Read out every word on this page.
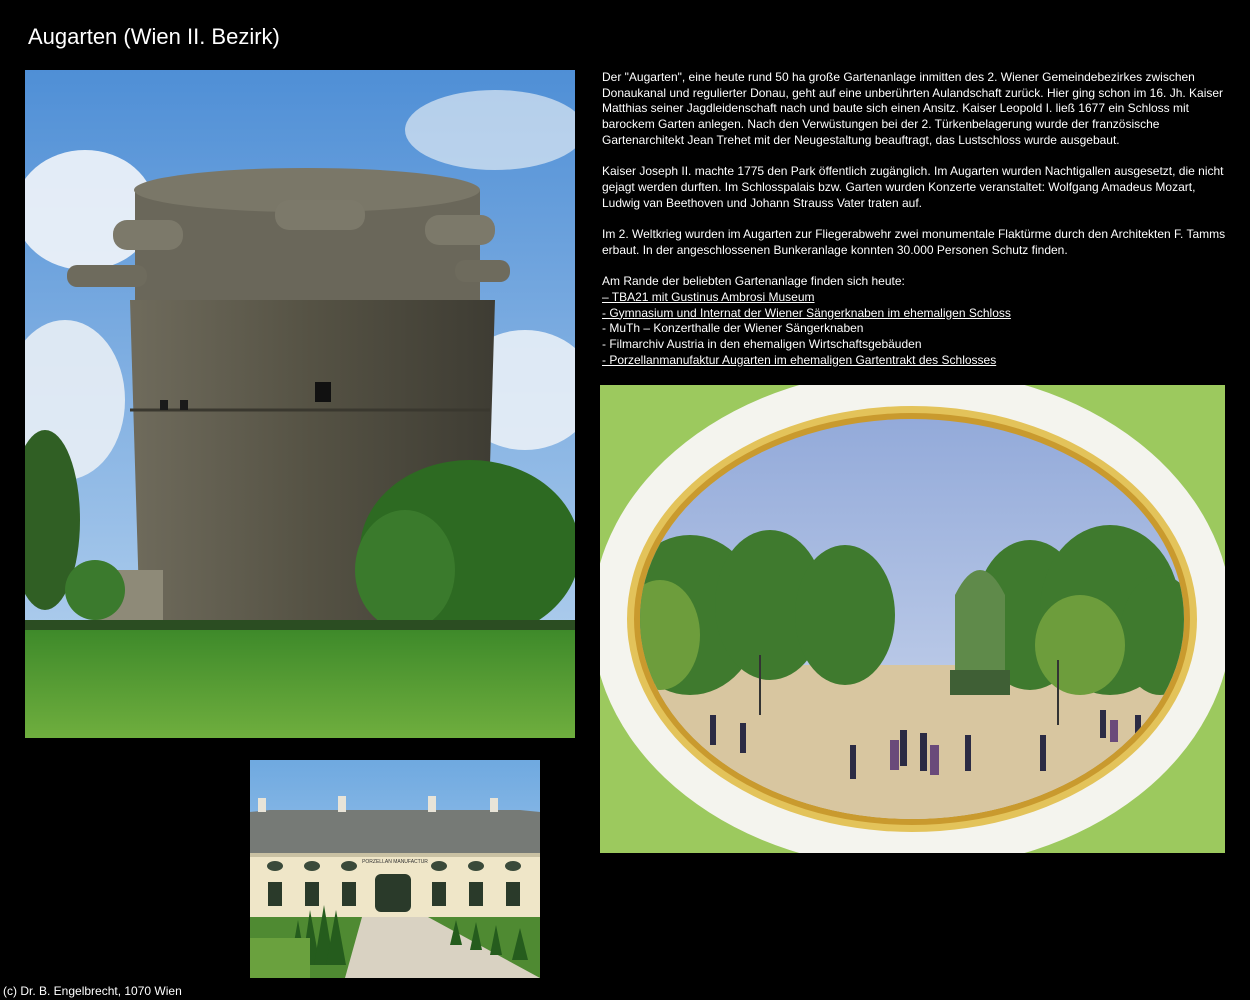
Augarten (Wien II. Bezirk)
PORZELLAN MANUFACTUR

Der "Augarten", eine heute rund 50 ha große Gartenanlage inmitten des 2. Wiener Gemeindebezirkes zwischen Donaukanal und regulierter Donau, geht auf eine unberührten Aulandschaft zurück. Hier ging schon im 16. Jh. Kaiser Matthias seiner Jagdleidenschaft nach und baute sich einen Ansitz. Kaiser Leopold I. ließ 1677 ein Schloss mit barockem Garten anlegen. Nach den Verwüstungen bei der 2. Türkenbelagerung wurde der französische Gartenarchitekt Jean Trehet mit der Neugestaltung beauftragt, das Lustschloss wurde ausgebaut.

Kaiser Joseph II. machte 1775 den Park öffentlich zugänglich. Im Augarten wurden Nachtigallen ausgesetzt, die nicht gejagt werden durften. Im Schlosspalais bzw. Garten wurden Konzerte veranstaltet: Wolfgang Amadeus Mozart, Ludwig van Beethoven und Johann Strauss Vater traten auf.

Im 2. Weltkrieg wurden im Augarten zur Fliegerabwehr zwei monumentale Flaktürme durch den Architekten F. Tamms erbaut. In der angeschlossenen Bunkeranlage konnten 30.000 Personen Schutz finden.

Am Rande der beliebten Gartenanlage finden sich heute:
– TBA21 mit Gustinus Ambrosi Museum
- Gymnasium und Internat der Wiener Sängerknaben im ehemaligen Schloss
- MuTh – Konzerthalle der Wiener Sängerknaben
- Filmarchiv Austria in den ehemaligen Wirtschaftsgebäuden
- Porzellanmanufaktur Augarten im ehemaligen Gartentrakt des Schlosses
(c) Dr. B. Engelbrecht, 1070 Wien
